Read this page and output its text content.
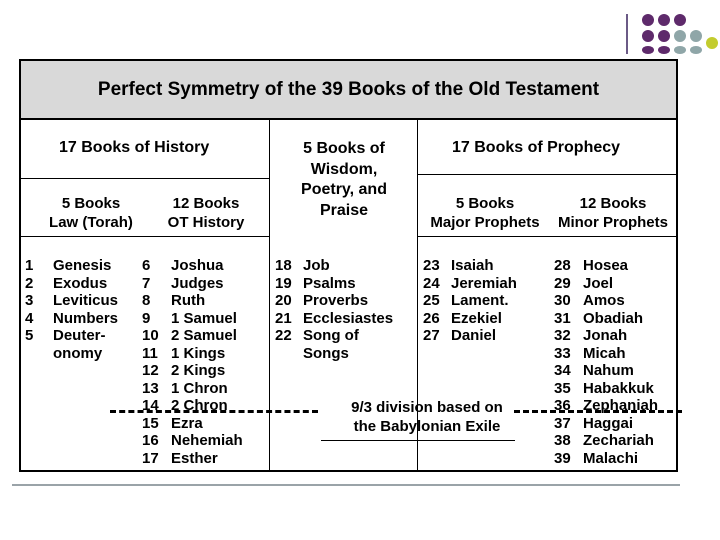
Perfect Symmetry of the 39 Books of the Old Testament
17 Books of History	5 Books of
Wisdom,
Poetry, and
Praise
17 Books of Prophecy
5 Books
Law (Torah)
12 Books
OT History
5 Books
Major Prophets
12 Books
Minor Prophets
1 Genesis
2 Exodus
3 Leviticus
4 Numbers
5 Deuter-
onomy
6 Joshua
7 Judges
8 Ruth
9 1 Samuel
10 2 Samuel
11 1 Kings
12 2 Kings
13 1 Chron
14 2 Chron
15 Ezra
16 Nehemiah
17 Esther
18 Job
19 Psalms
20 Proverbs
21 Ecclesiastes
22 Song of
Songs
23 Isaiah
24 Jeremiah
25 Lament.
26 Ezekiel
27 Daniel
28 Hosea
29 Joel
30 Amos
31 Obadiah
32 Jonah
33 Micah
34 Nahum
35 Habakkuk
36 Zephaniah
37 Haggai
38 Zechariah
39 Malachi
9/3 division based on
the Babylonian Exile
